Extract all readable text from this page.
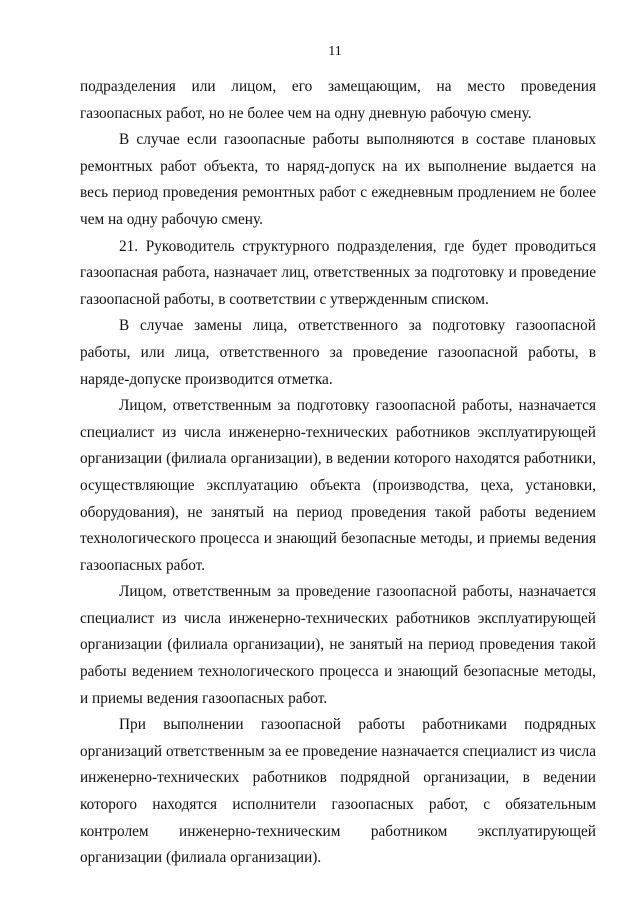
11

подразделения или лицом, его замещающим, на место проведения газоопасных работ, но не более чем на одну дневную рабочую смену.

В случае если газоопасные работы выполняются в составе плановых ремонтных работ объекта, то наряд-допуск на их выполнение выдается на весь период проведения ремонтных работ с ежедневным продлением не более чем на одну рабочую смену.

21. Руководитель структурного подразделения, где будет проводиться газоопасная работа, назначает лиц, ответственных за подготовку и проведение газоопасной работы, в соответствии с утвержденным списком.

В случае замены лица, ответственного за подготовку газоопасной работы, или лица, ответственного за проведение газоопасной работы, в наряде-допуске производится отметка.

Лицом, ответственным за подготовку газоопасной работы, назначается специалист из числа инженерно-технических работников эксплуатирующей организации (филиала организации), в ведении которого находятся работники, осуществляющие эксплуатацию объекта (производства, цеха, установки, оборудования), не занятый на период проведения такой работы ведением технологического процесса и знающий безопасные методы, и приемы ведения газоопасных работ.

Лицом, ответственным за проведение газоопасной работы, назначается специалист из числа инженерно-технических работников эксплуатирующей организации (филиала организации), не занятый на период проведения такой работы ведением технологического процесса и знающий безопасные методы, и приемы ведения газоопасных работ.

При выполнении газоопасной работы работниками подрядных организаций ответственным за ее проведение назначается специалист из числа инженерно-технических работников подрядной организации, в ведении которого находятся исполнители газоопасных работ, с обязательным контролем инженерно-техническим работником эксплуатирующей организации (филиала организации).
